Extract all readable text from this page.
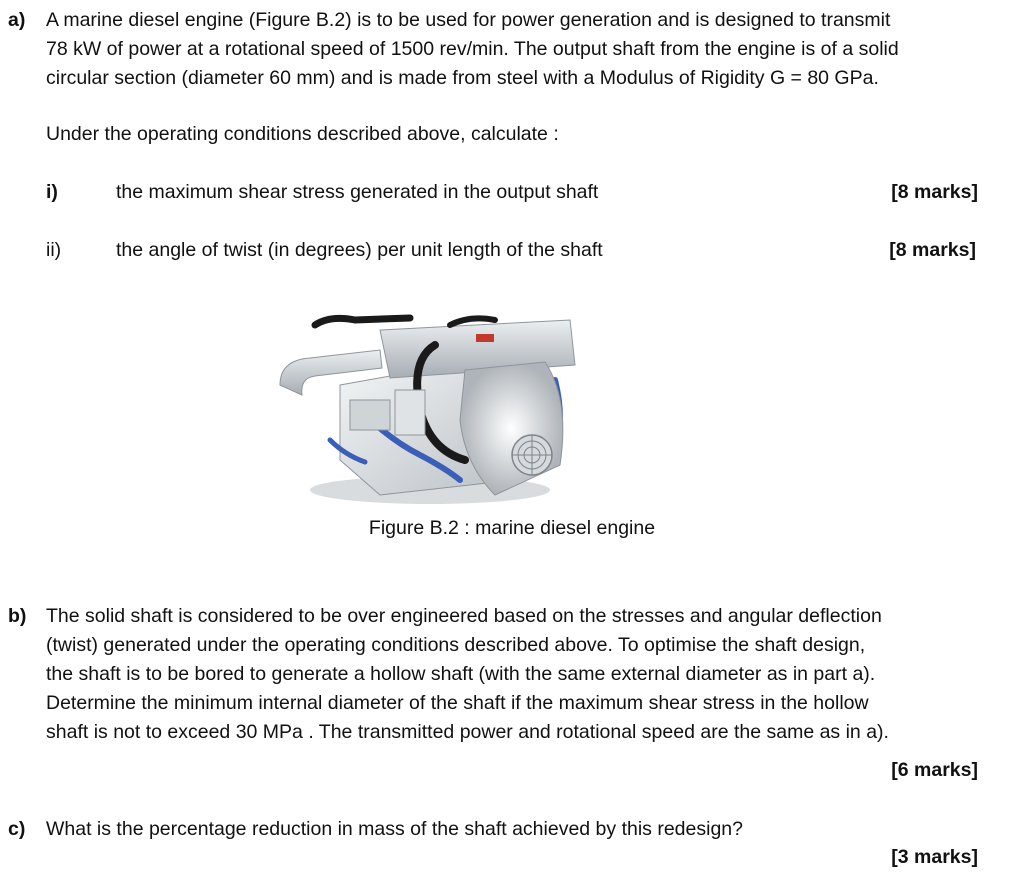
a) A marine diesel engine (Figure B.2) is to be used for power generation and is designed to transmit
78 kW of power at a rotational speed of 1500 rev/min. The output shaft from the engine is of a solid
circular section (diameter 60 mm) and is made from steel with a Modulus of Rigidity G = 80 GPa.
Under the operating conditions described above, calculate :
i)	the maximum shear stress generated in the output shaft	[8 marks]
ii)	the angle of twist (in degrees) per unit length of the shaft	[8 marks]
Figure B.2 : marine diesel engine
b) The solid shaft is considered to be over engineered based on the stresses and angular deflection
(twist) generated under the operating conditions described above. To optimise the shaft design,
the shaft is to be bored to generate a hollow shaft (with the same external diameter as in part a).
Determine the minimum internal diameter of the shaft if the maximum shear stress in the hollow
shaft is not to exceed 30 MPa . The transmitted power and rotational speed are the same as in a).
[6 marks]
c) What is the percentage reduction in mass of the shaft achieved by this redesign?
[3 marks]
